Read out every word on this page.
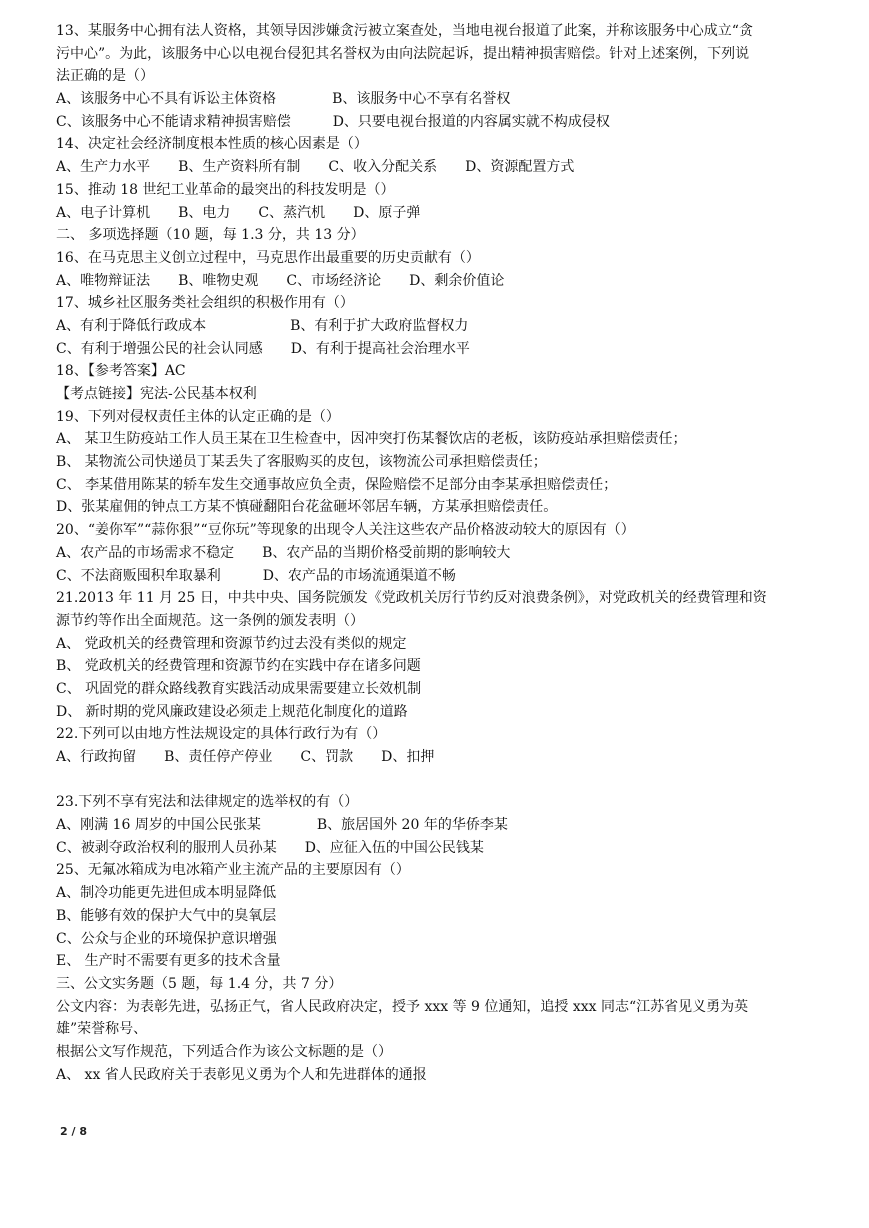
13、某服务中心拥有法人资格，其领导因涉嫌贪污被立案查处，当地电视台报道了此案，并称该服务中心成立“贪
污中心”。为此，该服务中心以电视台侵犯其名誉权为由向法院起诉，提出精神损害赔偿。针对上述案例，下列说
法正确的是（）
A、该服务中心不具有诉讼主体资格　　　　B、该服务中心不享有名誉权
C、该服务中心不能请求精神损害赔偿　　　D、只要电视台报道的内容属实就不构成侵权
14、决定社会经济制度根本性质的核心因素是（）
A、生产力水平　　B、生产资料所有制　　C、收入分配关系　　D、资源配置方式
15、推动 18 世纪工业革命的最突出的科技发明是（）
A、电子计算机　　B、电力　　C、蒸汽机　　D、原子弹
二、 多项选择题（10 题，每 1.3 分，共 13 分）
16、在马克思主义创立过程中，马克思作出最重要的历史贡献有（）
A、唯物辩证法　　B、唯物史观　　C、市场经济论　　D、剩余价值论
17、城乡社区服务类社会组织的积极作用有（）
A、有利于降低行政成本　　　　　　B、有利于扩大政府监督权力
C、有利于增强公民的社会认同感　　D、有利于提高社会治理水平
18、【参考答案】AC
【考点链接】宪法-公民基本权利
19、下列对侵权责任主体的认定正确的是（）
A、 某卫生防疫站工作人员王某在卫生检查中，因冲突打伤某餐饮店的老板，该防疫站承担赔偿责任；
B、 某物流公司快递员丁某丢失了客服购买的皮包，该物流公司承担赔偿责任；
C、 李某借用陈某的轿车发生交通事故应负全责，保险赔偿不足部分由李某承担赔偿责任；
D、张某雇佣的钟点工方某不慎碰翻阳台花盆砸坏邻居车辆，方某承担赔偿责任。
20、“姜你军”“蒜你狠”“豆你玩”等现象的出现令人关注这些农产品价格波动较大的原因有（）
A、农产品的市场需求不稳定　　B、农产品的当期价格受前期的影响较大
C、不法商贩囤积牟取暴利　　　D、农产品的市场流通渠道不畅
21.2013 年 11 月 25 日，中共中央、国务院颁发《党政机关厉行节约反对浪费条例》，对党政机关的经费管理和资
源节约等作出全面规范。这一条例的颁发表明（）
A、 党政机关的经费管理和资源节约过去没有类似的规定
B、 党政机关的经费管理和资源节约在实践中存在诸多问题
C、 巩固党的群众路线教育实践活动成果需要建立长效机制
D、 新时期的党风廉政建设必须走上规范化制度化的道路
22.下列可以由地方性法规设定的具体行政行为有（）
A、行政拘留　　B、责任停产停业　　C、罚款　　D、扣押
23.下列不享有宪法和法律规定的选举权的有（）
A、刚满 16 周岁的中国公民张某　　　　B、旅居国外 20 年的华侨李某
C、被剥夺政治权利的服刑人员孙某　　D、应征入伍的中国公民钱某
25、无氟冰箱成为电冰箱产业主流产品的主要原因有（）
A、制冷功能更先进但成本明显降低
B、能够有效的保护大气中的臭氧层
C、公众与企业的环境保护意识增强
E、 生产时不需要有更多的技术含量
三、公文实务题（5 题，每 1.4 分，共 7 分）
公文内容：为表彰先进，弘扬正气，省人民政府决定，授予 xxx 等 9 位通知，追授 xxx 同志“江苏省见义勇为英
雄”荣誉称号、
根据公文写作规范，下列适合作为该公文标题的是（）
A、 xx 省人民政府关于表彰见义勇为个人和先进群体的通报
2 / 8
